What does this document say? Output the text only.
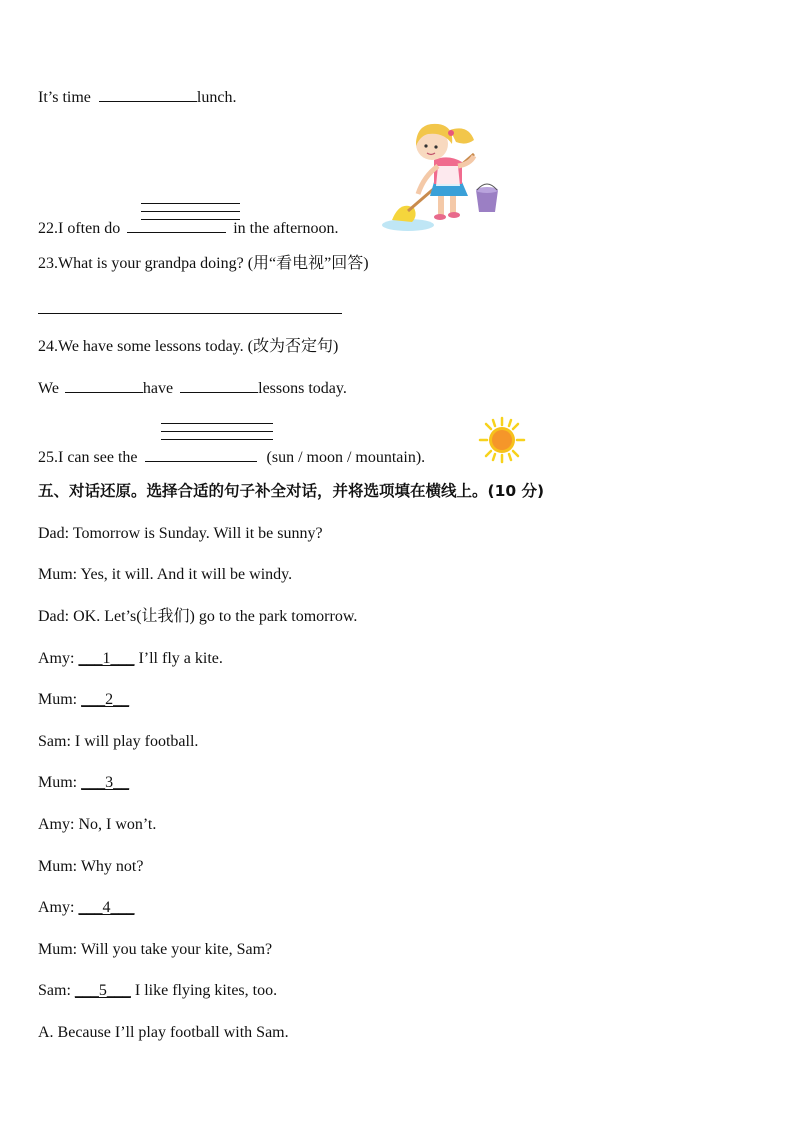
It’s time	lunch.
22.I often do	in the afternoon.
23.What is your grandpa doing? (用“看电视”回答)
24.We have some lessons today. (改为否定句)
We	have	lessons today.
25.I can see the	(sun / moon / mountain).
五、对话还原。选择合适的句子补全对话，并将选项填在横线上。(10 分)
Dad: Tomorrow is Sunday. Will it be sunny?
Mum: Yes, it will. And it will be windy.
Dad: OK. Let’s(让我们) go to the park tomorrow.
Amy: ___1___ I’ll fly a kite.
Mum: ___2__
Sam: I will play football.
Mum: ___3__
Amy: No, I won’t.
Mum: Why not?
Amy: ___4___
Mum: Will you take your kite, Sam?
Sam: ___5___ I like flying kites, too.
A. Because I’ll play football with Sam.
